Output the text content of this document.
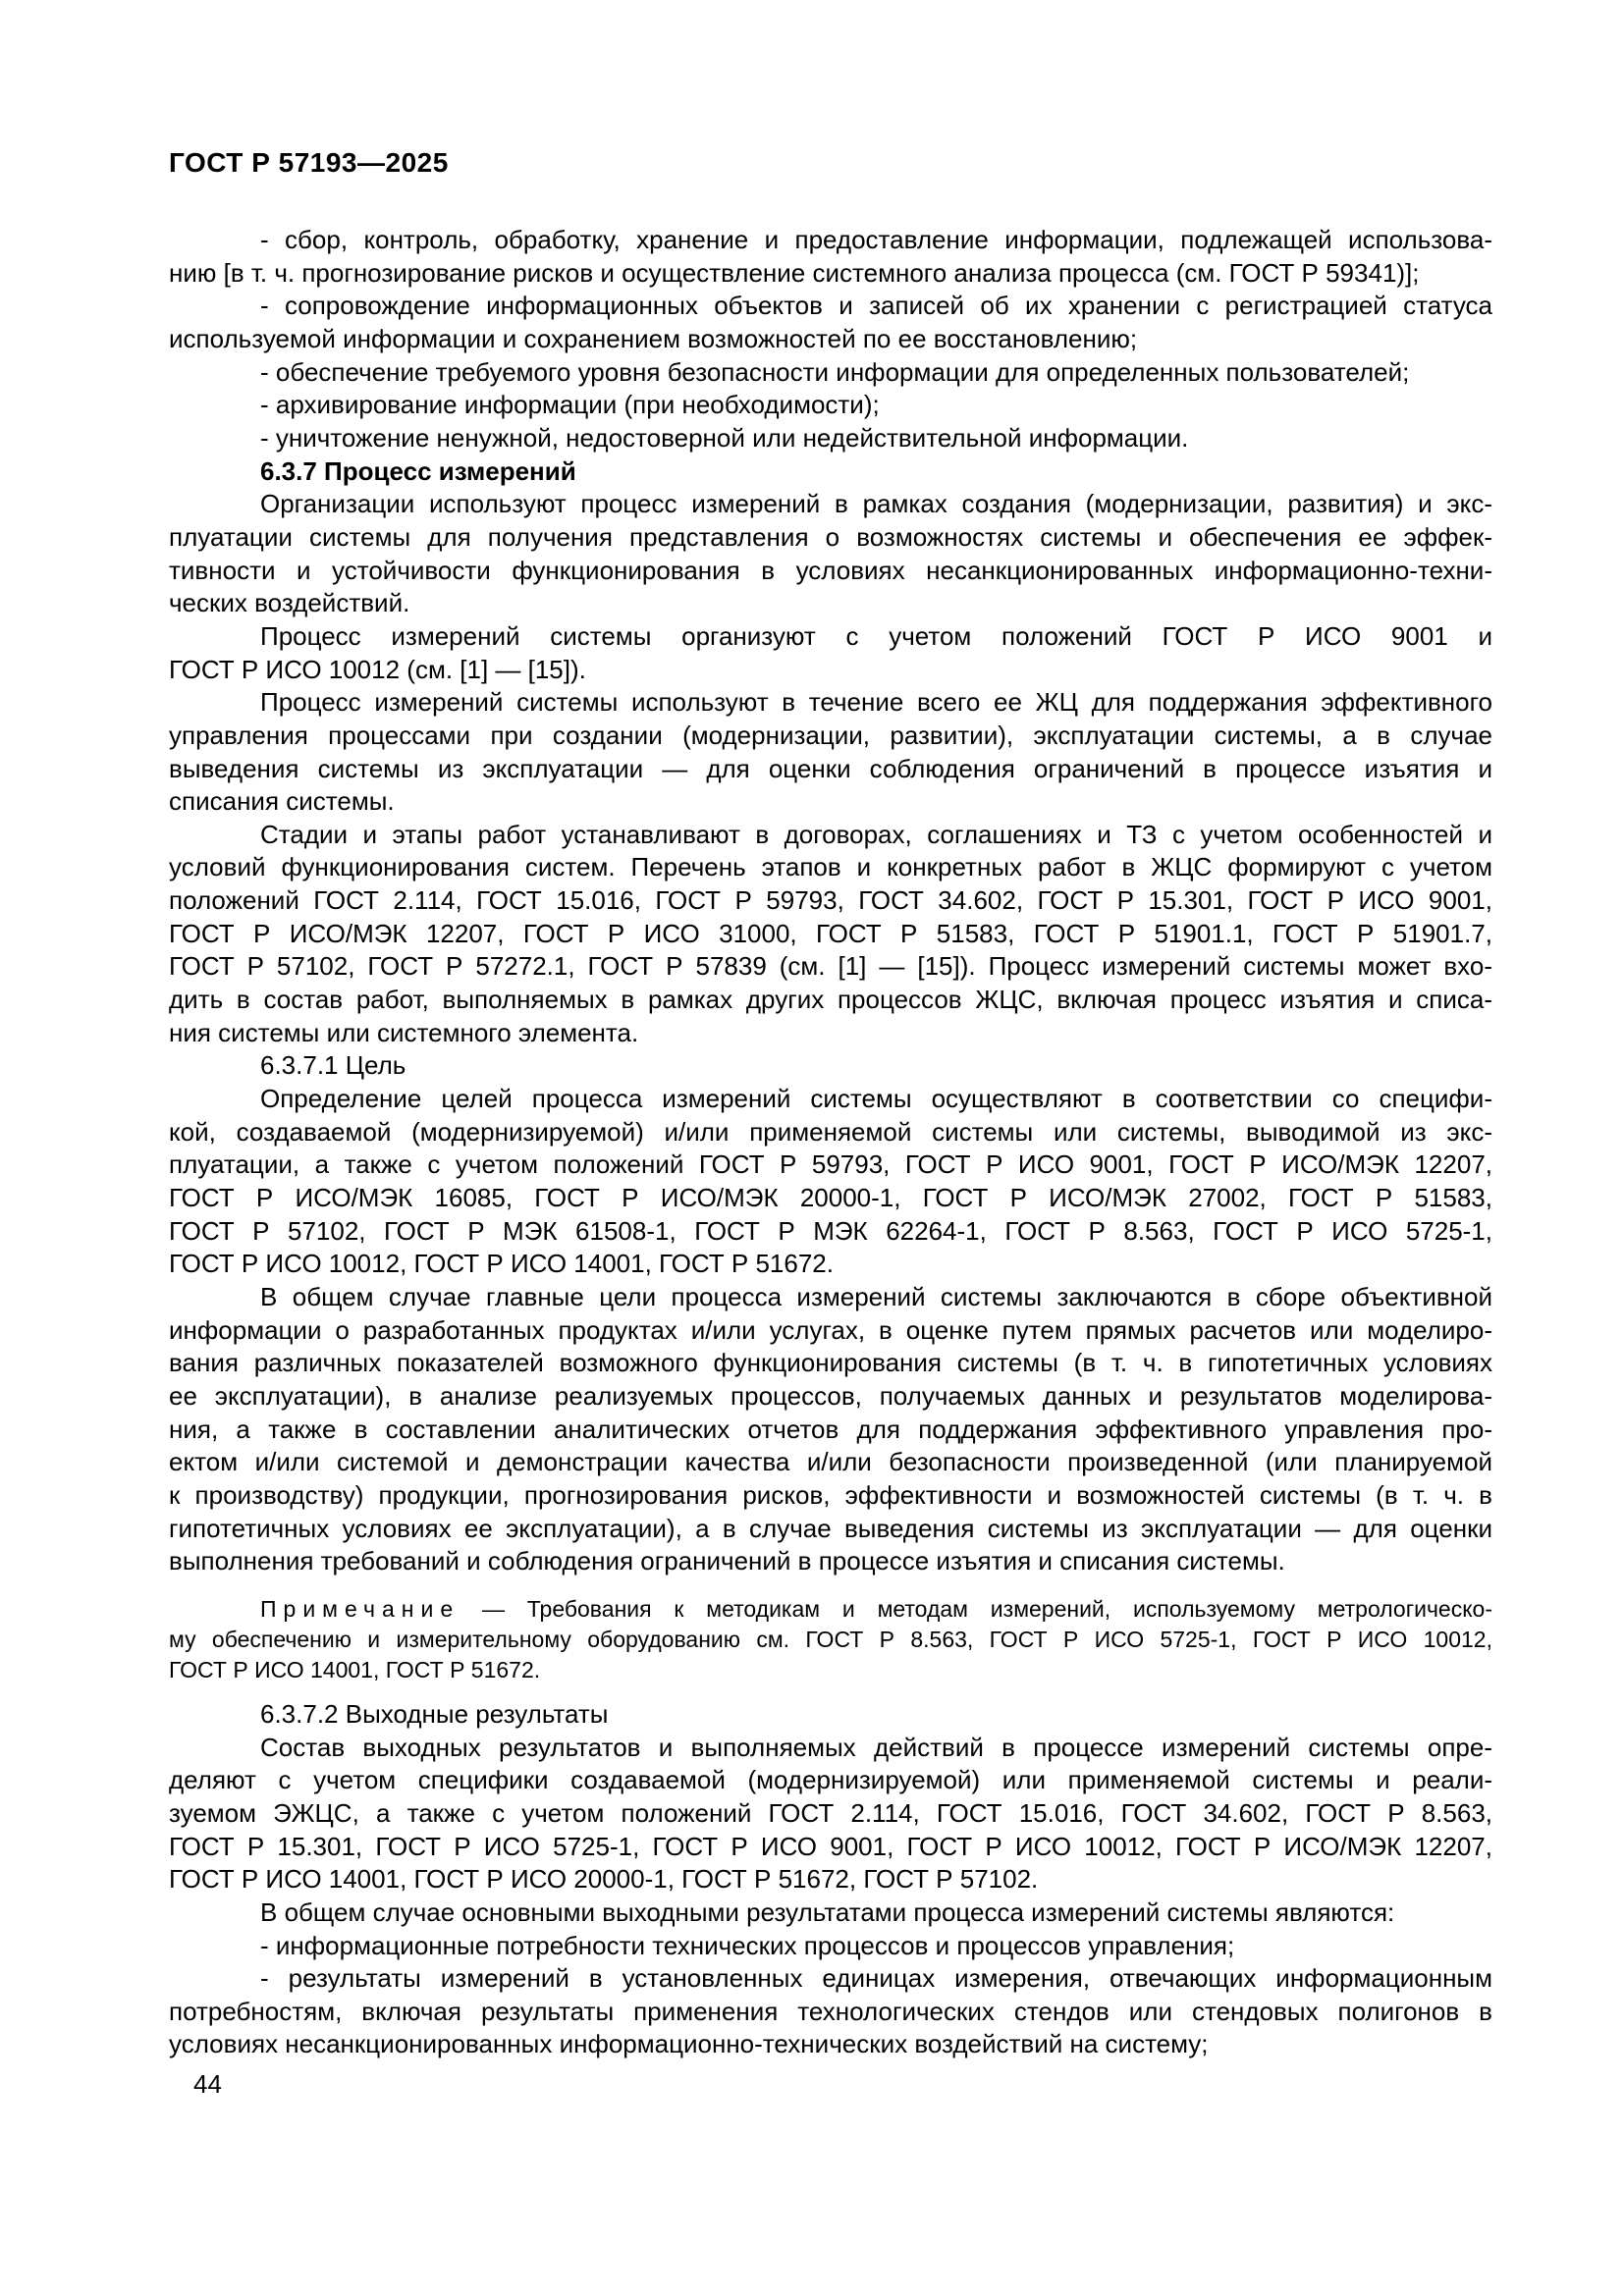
ГОСТ Р 57193—2025
- сбор, контроль, обработку, хранение и предоставление информации, подлежащей использова-
нию [в т. ч. прогнозирование рисков и осуществление системного анализа процесса (см. ГОСТ Р 59341)];
- сопровождение информационных объектов и записей об их хранении с регистрацией статуса
используемой информации и сохранением возможностей по ее восстановлению;
- обеспечение требуемого уровня безопасности информации для определенных пользователей;
- архивирование информации (при необходимости);
- уничтожение ненужной, недостоверной или недействительной информации.
6.3.7 Процесс измерений
Организации используют процесс измерений в рамках создания (модернизации, развития) и экс-
плуатации системы для получения представления о возможностях системы и обеспечения ее эффек-
тивности и устойчивости функционирования в условиях несанкционированных информационно-техни-
ческих воздействий.
Процесс измерений системы организуют с учетом положений ГОСТ Р ИСО 9001 и
ГОСТ Р ИСО 10012 (см. [1] — [15]).
Процесс измерений системы используют в течение всего ее ЖЦ для поддержания эффективного
управления процессами при создании (модернизации, развитии), эксплуатации системы, а в случае
выведения системы из эксплуатации — для оценки соблюдения ограничений в процессе изъятия и
списания системы.
Стадии и этапы работ устанавливают в договорах, соглашениях и ТЗ с учетом особенностей и
условий функционирования систем. Перечень этапов и конкретных работ в ЖЦС формируют с учетом
положений ГОСТ 2.114, ГОСТ 15.016, ГОСТ Р 59793, ГОСТ 34.602, ГОСТ Р 15.301, ГОСТ Р ИСО 9001,
ГОСТ Р ИСО/МЭК 12207, ГОСТ Р ИСО 31000, ГОСТ Р 51583, ГОСТ Р 51901.1, ГОСТ Р 51901.7,
ГОСТ Р 57102, ГОСТ Р 57272.1, ГОСТ Р 57839 (см. [1] — [15]). Процесс измерений системы может вхо-
дить в состав работ, выполняемых в рамках других процессов ЖЦС, включая процесс изъятия и списа-
ния системы или системного элемента.
6.3.7.1 Цель
Определение целей процесса измерений системы осуществляют в соответствии со специфи-
кой, создаваемой (модернизируемой) и/или применяемой системы или системы, выводимой из экс-
плуатации, а также с учетом положений ГОСТ Р 59793, ГОСТ Р ИСО 9001, ГОСТ Р ИСО/МЭК 12207,
ГОСТ Р ИСО/МЭК 16085, ГОСТ Р ИСО/МЭК 20000-1, ГОСТ Р ИСО/МЭК 27002, ГОСТ Р 51583,
ГОСТ Р 57102, ГОСТ Р МЭК 61508-1, ГОСТ Р МЭК 62264-1, ГОСТ Р 8.563, ГОСТ Р ИСО 5725-1,
ГОСТ Р ИСО 10012, ГОСТ Р ИСО 14001, ГОСТ Р 51672.
В общем случае главные цели процесса измерений системы заключаются в сборе объективной
информации о разработанных продуктах и/или услугах, в оценке путем прямых расчетов или моделиро-
вания различных показателей возможного функционирования системы (в т. ч. в гипотетичных условиях
ее эксплуатации), в анализе реализуемых процессов, получаемых данных и результатов моделирова-
ния, а также в составлении аналитических отчетов для поддержания эффективного управления про-
ектом и/или системой и демонстрации качества и/или безопасности произведенной (или планируемой
к производству) продукции, прогнозирования рисков, эффективности и возможностей системы (в т. ч. в
гипотетичных условиях ее эксплуатации), а в случае выведения системы из эксплуатации — для оценки
выполнения требований и соблюдения ограничений в процессе изъятия и списания системы.
Примечание — Требования к методикам и методам измерений, используемому метрологическо-
му обеспечению и измерительному оборудованию см. ГОСТ Р 8.563, ГОСТ Р ИСО 5725-1, ГОСТ Р ИСО 10012,
ГОСТ Р ИСО 14001, ГОСТ Р 51672.
6.3.7.2 Выходные результаты
Состав выходных результатов и выполняемых действий в процессе измерений системы опре-
деляют с учетом специфики создаваемой (модернизируемой) или применяемой системы и реали-
зуемом ЭЖЦС, а также с учетом положений ГОСТ 2.114, ГОСТ 15.016, ГОСТ 34.602, ГОСТ Р 8.563,
ГОСТ Р 15.301, ГОСТ Р ИСО 5725-1, ГОСТ Р ИСО 9001, ГОСТ Р ИСО 10012, ГОСТ Р ИСО/МЭК 12207,
ГОСТ Р ИСО 14001, ГОСТ Р ИСО 20000-1, ГОСТ Р 51672, ГОСТ Р 57102.
В общем случае основными выходными результатами процесса измерений системы являются:
- информационные потребности технических процессов и процессов управления;
- результаты измерений в установленных единицах измерения, отвечающих информационным
потребностям, включая результаты применения технологических стендов или стендовых полигонов в
условиях несанкционированных информационно-технических воздействий на систему;
44
